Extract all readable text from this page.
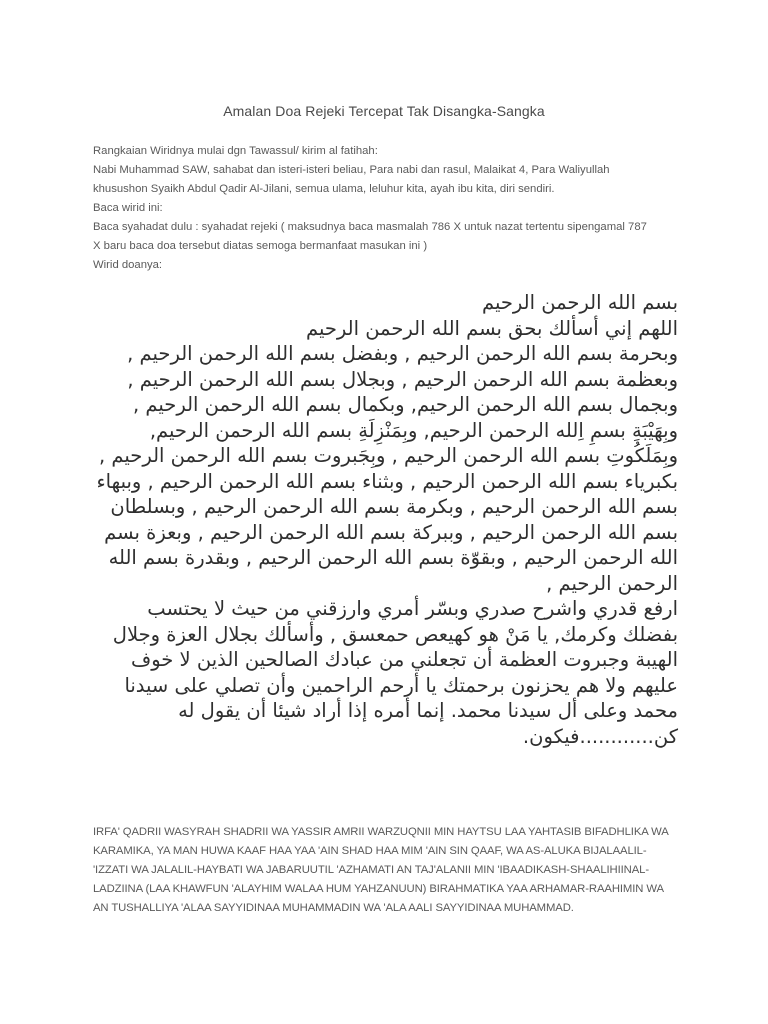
Amalan Doa Rejeki Tercepat Tak Disangka-Sangka

Rangkaian Wiridnya mulai dgn Tawassul/ kirim al fatihah:

Nabi Muhammad SAW, sahabat dan isteri-isteri beliau, Para nabi dan rasul, Malaikat 4, Para Waliyullah khusushon Syaikh Abdul Qadir Al-Jilani, semua ulama, leluhur kita, ayah ibu kita, diri sendiri.

Baca wirid ini:

Baca syahadat dulu : syahadat rejeki ( maksudnya baca masmalah 786 X untuk nazat tertentu sipengamal 787 X baru baca doa tersebut diatas semoga bermanfaat masukan ini )

Wirid doanya:

بسم الله الرحمن الرحيم

اللهم إني أسألك بحق بسم الله الرحمن الرحيم

وبحرمة بسم الله الرحمن الرحيم , وبفضل بسم الله الرحمن الرحيم , وبعظمة بسم الله الرحمن الرحيم , وبجلال بسم الله الرحمن الرحيم , وبجمال بسم الله الرحمن الرحيم, وبكمال بسم الله الرحمن الرحيم , وبِهَيْبَةِ بسمِ اِلله الرحمن الرحيم, وبِمَنْزِلَةِ بسم الله الرحمن الرحيم, وبِمَلَكُوتِ بسم الله الرحمن الرحيم , وبِجَبروت بسم الله الرحمن الرحيم , بكبرياء بسم الله الرحمن الرحيم , وبثناء بسم الله الرحمن الرحيم , وببهاء بسم الله الرحمن الرحيم , وبكرمة بسم الله الرحمن الرحيم , وبسلطان بسم الله الرحمن الرحيم , وببركة بسم الله الرحمن الرحيم , وبعزة بسم الله الرحمن الرحيم , وبقوّة بسم الله الرحمن الرحيم , وبقدرة بسم الله الرحمن الرحيم ,

ارفع قدري واشرح صدري وبسّر أمري وارزقني من حيث لا يحتسب بفضلك وكرمك, يا مَنْ هو كهيعص حمعسق , وأسألك بجلال العزة وجلال الهيبة وجبروت العظمة أن تجعلني من عبادك الصالحين الذين لا خوف عليهم ولا هم يحزنون برحمتك يا أرحم الراحمين وأن تصلي على سيدنا محمد وعلى أل سيدنا محمد. إنما أمره إذا أراد شيئا أن يقول له كن............فيكون.

IRFA' QADRII WASYRAH SHADRII WA YASSIR AMRII WARZUQNII MIN HAYTSU LAA YAHTASIB BIFADHLIKA WA KARAMIKA, YA MAN HUWA KAAF HAA YAA 'AIN SHAD HAA MIM 'AIN SIN QAAF, WA AS-ALUKA BIJALAALIL-'IZZATI WA JALALIL-HAYBATI WA JABARUUTIL 'AZHAMATI AN TAJ'ALANII MIN 'IBAADIKASH-SHAALIHIINAL-LADZIINA (LAA KHAWFUN 'ALAYHIM WALAA HUM YAHZANUUN) BIRAHMATIKA YAA ARHAMAR-RAAHIMIN WA AN TUSHALLIYA 'ALAA SAYYIDINAA MUHAMMADIN WA 'ALA AALI SAYYIDINAA MUHAMMAD.
